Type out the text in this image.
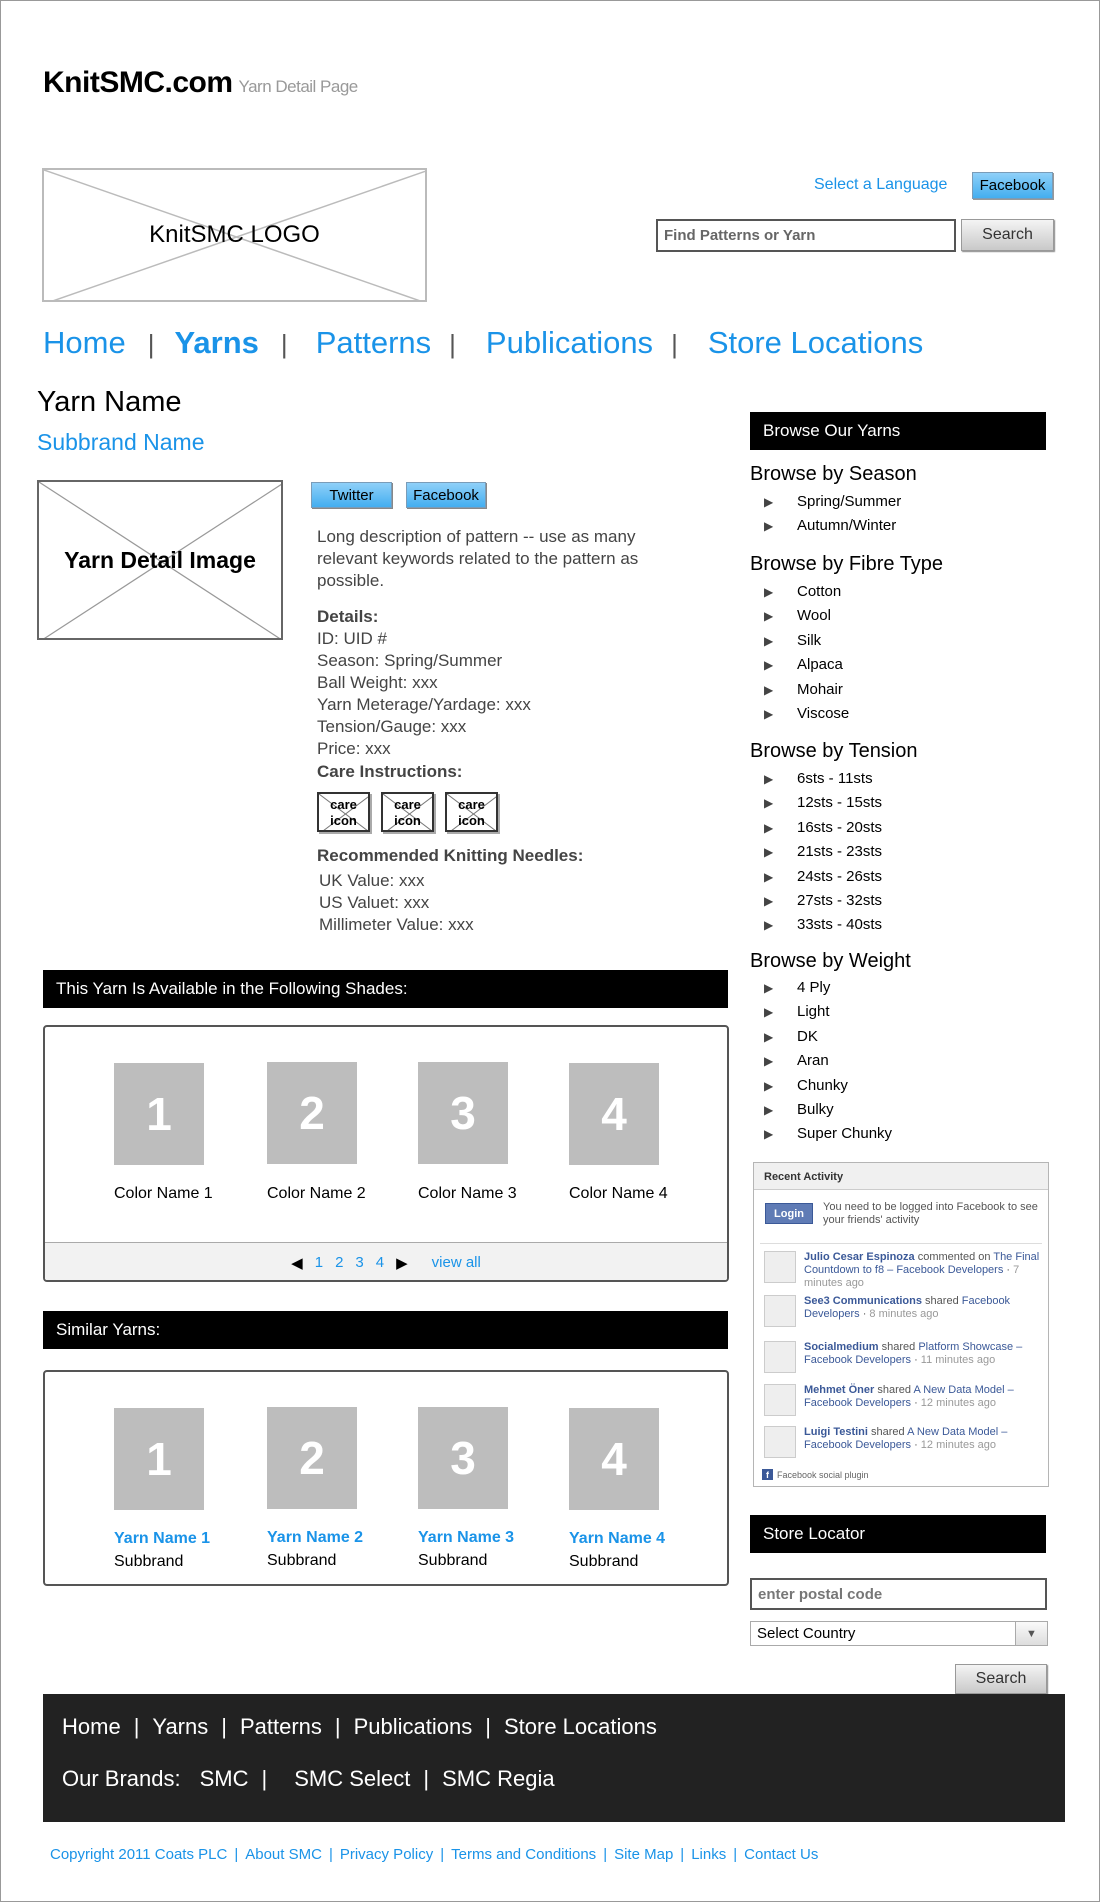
KnitSMC.com Yarn Detail Page
KnitSMC LOGO
Select a Language	Facebook
Find Patterns or Yarn
Search
Home | Yarns | Patterns | Publications | Store Locations
Yarn Name
Subbrand Name
Yarn Detail Image
Twitter	Facebook
Long description of pattern -- use as many relevant keywords related to the pattern as possible.
Details:
ID: UID #
Season: Spring/Summer
Ball Weight: xxx
Yarn Meterage/Yardage: xxx
Tension/Gauge: xxx
Price: xxx
Care Instructions:
care icon
care icon
care icon
Recommended Knitting Needles:
UK Value: xxx
US Valuet: xxx
Millimeter Value: xxx
This Yarn Is Available in the Following Shades:
1	2	3	4
Color Name 1	Color Name 2	Color Name 3	Color Name 4
◀ 1 2 3 4 ▶ view all
Similar Yarns:
1	2	3	4
Yarn Name 1	Yarn Name 2	Yarn Name 3	Yarn Name 4
Subbrand	Subbrand	Subbrand	Subbrand
Browse Our Yarns
Browse by Season
▶	Spring/Summer
▶	Autumn/Winter
Browse by Fibre Type
▶	Cotton
▶	Wool
▶	Silk
▶	Alpaca
▶	Mohair
▶	Viscose
Browse by Tension
▶	6sts - 11sts
▶	12sts - 15sts
▶	16sts - 20sts
▶	21sts - 23sts
▶	24sts - 26sts
▶	27sts - 32sts
▶	33sts - 40sts
Browse by Weight
▶	4 Ply
▶	Light
▶	DK
▶	Aran
▶	Chunky
▶	Bulky
▶	Super Chunky
Recent Activity
Login
You need to be logged into Facebook to see your friends' activity
Julio Cesar Espinoza commented on The Final Countdown to f8 – Facebook Developers · 7 minutes ago
See3 Communications shared Facebook Developers · 8 minutes ago
Socialmedium shared Platform Showcase – Facebook Developers · 11 minutes ago
Mehmet Öner shared A New Data Model – Facebook Developers · 12 minutes ago
Luigi Testini shared A New Data Model – Facebook Developers · 12 minutes ago
f Facebook social plugin
Store Locator
enter postal code
Select Country	▼
Search
Home | Yarns | Patterns | Publications | Store Locations
Our Brands: SMC | SMC Select | SMC Regia
Copyright 2011 Coats PLC | About SMC | Privacy Policy | Terms and Conditions | Site Map | Links | Contact Us
